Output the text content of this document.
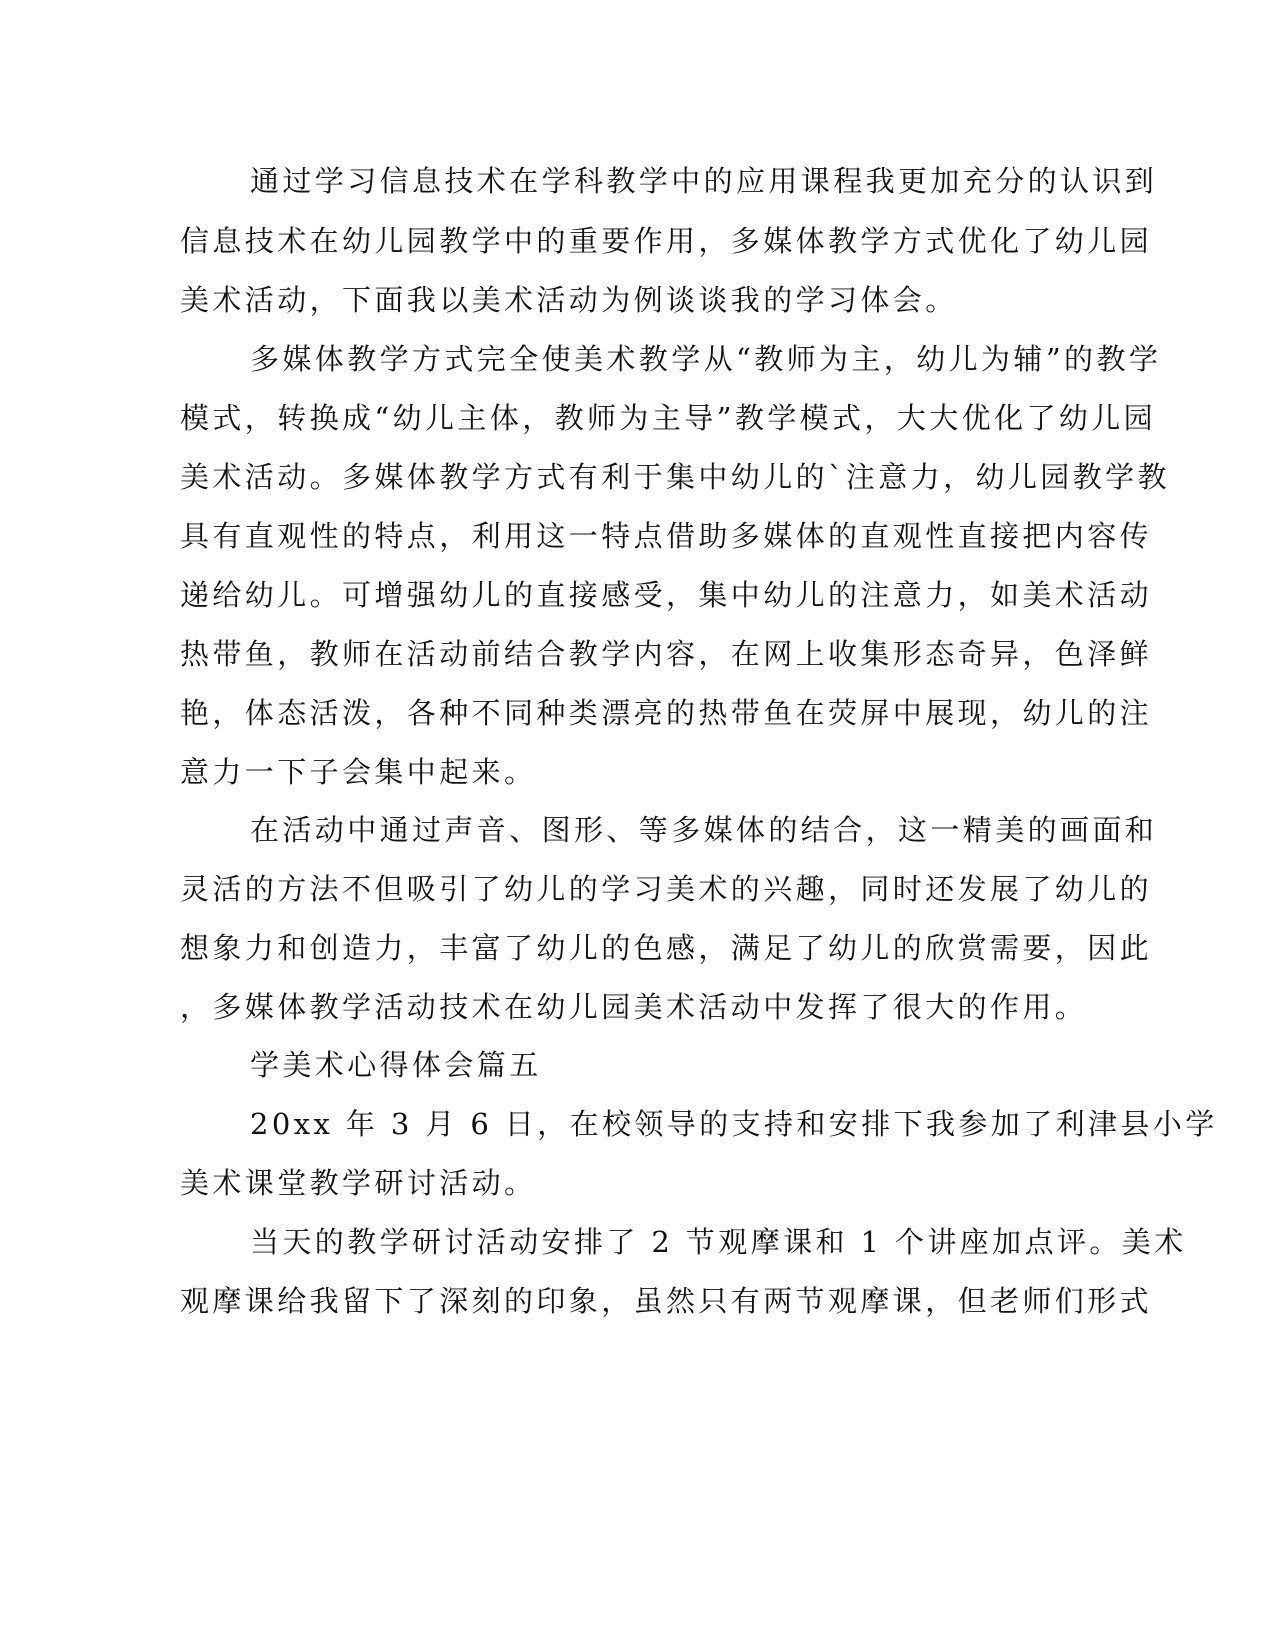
通过学习信息技术在学科教学中的应用课程我更加充分的认识到
信息技术在幼儿园教学中的重要作用，多媒体教学方式优化了幼儿园
美术活动，下面我以美术活动为例谈谈我的学习体会。
多媒体教学方式完全使美术教学从“教师为主，幼儿为辅”的教学
模式，转换成“幼儿主体，教师为主导”教学模式，大大优化了幼儿园
美术活动。多媒体教学方式有利于集中幼儿的`注意力，幼儿园教学教
具有直观性的特点，利用这一特点借助多媒体的直观性直接把内容传
递给幼儿。可增强幼儿的直接感受，集中幼儿的注意力，如美术活动
热带鱼，教师在活动前结合教学内容，在网上收集形态奇异，色泽鲜
艳，体态活泼，各种不同种类漂亮的热带鱼在荧屏中展现，幼儿的注
意力一下子会集中起来。
在活动中通过声音、图形、等多媒体的结合，这一精美的画面和
灵活的方法不但吸引了幼儿的学习美术的兴趣，同时还发展了幼儿的
想象力和创造力，丰富了幼儿的色感，满足了幼儿的欣赏需要，因此
，多媒体教学活动技术在幼儿园美术活动中发挥了很大的作用。
学美术心得体会篇五
20xx 年 3 月 6 日，在校领导的支持和安排下我参加了利津县小学
美术课堂教学研讨活动。
当天的教学研讨活动安排了 2 节观摩课和 1 个讲座加点评。美术
观摩课给我留下了深刻的印象，虽然只有两节观摩课，但老师们形式
